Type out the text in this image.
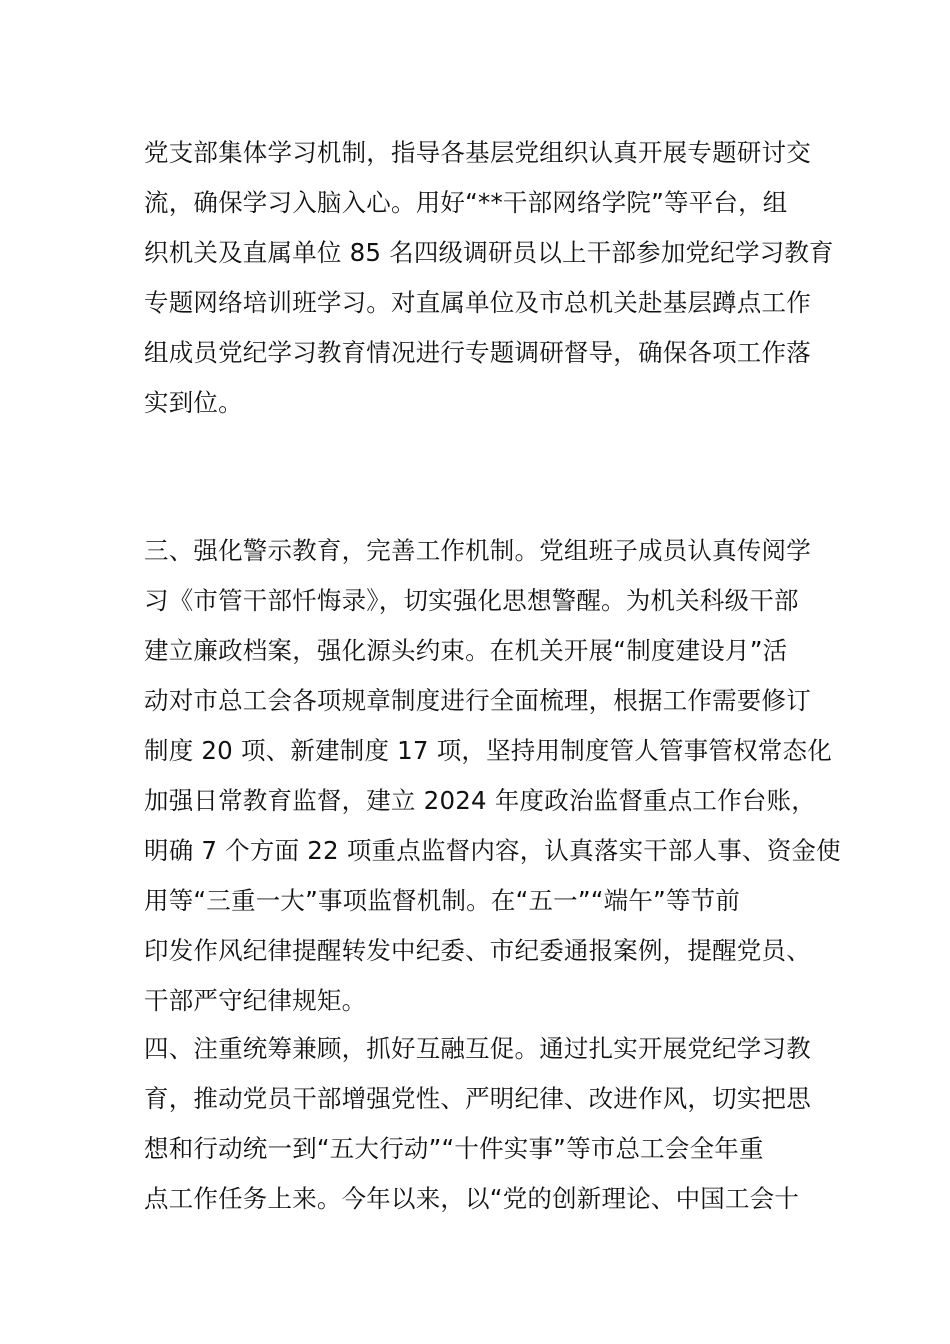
党支部集体学习机制，指导各基层党组织认真开展专题研讨交
流，确保学习入脑入心。用好“**干部网络学院”等平台，组
织机关及直属单位 85 名四级调研员以上干部参加党纪学习教育
专题网络培训班学习。对直属单位及市总机关赴基层蹲点工作
组成员党纪学习教育情况进行专题调研督导，确保各项工作落
实到位。
三、强化警示教育，完善工作机制。党组班子成员认真传阅学
习《市管干部忏悔录》，切实强化思想警醒。为机关科级干部
建立廉政档案，强化源头约束。在机关开展“制度建设月”活
动对市总工会各项规章制度进行全面梳理，根据工作需要修订
制度 20 项、新建制度 17 项，坚持用制度管人管事管权常态化
加强日常教育监督，建立 2024 年度政治监督重点工作台账，
明确 7 个方面 22 项重点监督内容，认真落实干部人事、资金使
用等“三重一大”事项监督机制。在“五一”“端午”等节前
印发作风纪律提醒转发中纪委、市纪委通报案例，提醒党员、
干部严守纪律规矩。
四、注重统筹兼顾，抓好互融互促。通过扎实开展党纪学习教
育，推动党员干部增强党性、严明纪律、改进作风，切实把思
想和行动统一到“五大行动”“十件实事”等市总工会全年重
点工作任务上来。今年以来，以“党的创新理论、中国工会十
